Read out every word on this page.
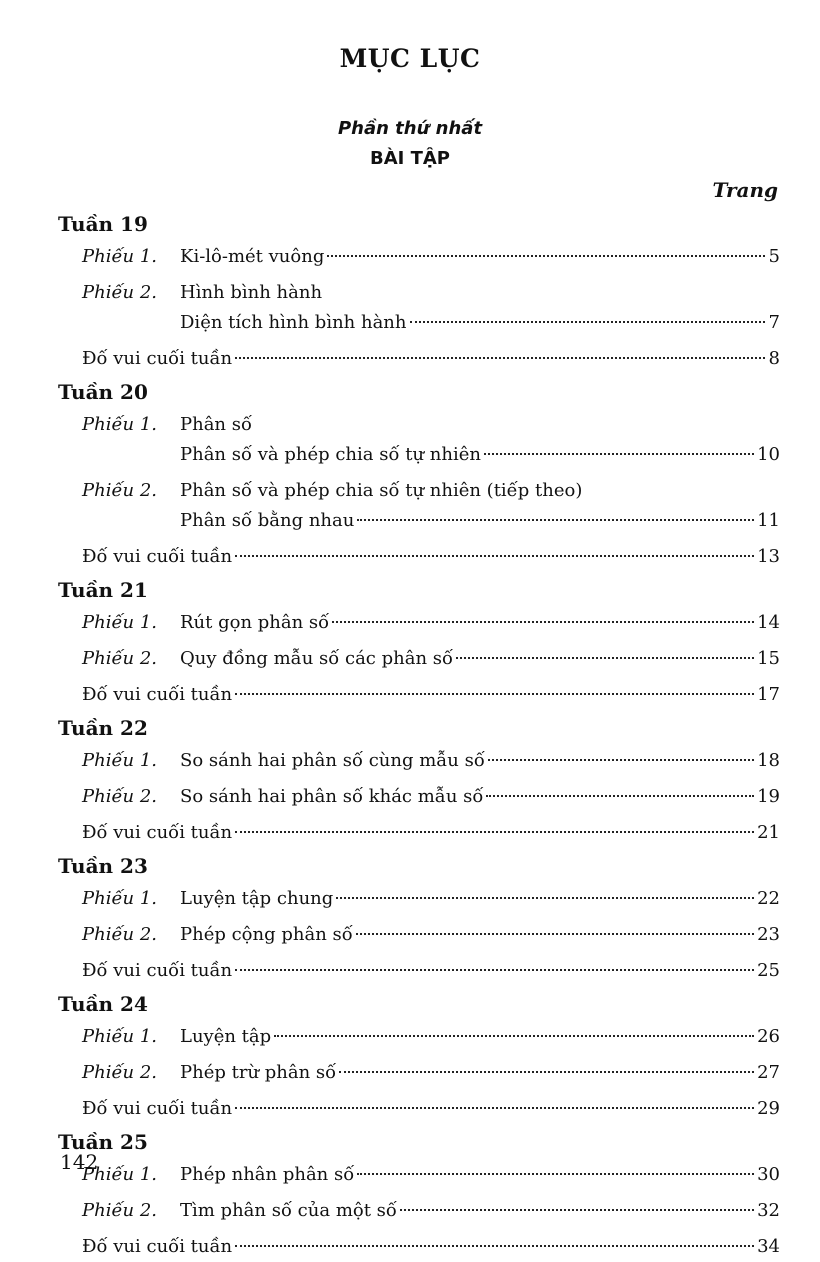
MỤC LỤC
Phần thứ nhất
BÀI TẬP
Trang
Tuần 19
Phiếu 1.	Ki-lô-mét vuông	5
Phiếu 2.	Hình bình hành
Diện tích hình bình hành	7
Đố vui cuối tuần	8
Tuần 20
Phiếu 1.	Phân số
Phân số và phép chia số tự nhiên	10
Phiếu 2.	Phân số và phép chia số tự nhiên (tiếp theo)
Phân số bằng nhau	11
Đố vui cuối tuần	13
Tuần 21
Phiếu 1.	Rút gọn phân số	14
Phiếu 2.	Quy đồng mẫu số các phân số	15
Đố vui cuối tuần	17
Tuần 22
Phiếu 1.	So sánh hai phân số cùng mẫu số	18
Phiếu 2.	So sánh hai phân số khác mẫu số	19
Đố vui cuối tuần	21
Tuần 23
Phiếu 1.	Luyện tập chung	22
Phiếu 2.	Phép cộng phân số	23
Đố vui cuối tuần	25
Tuần 24
Phiếu 1.	Luyện tập	26
Phiếu 2.	Phép trừ phân số	27
Đố vui cuối tuần	29
Tuần 25
Phiếu 1.	Phép nhân phân số	30
Phiếu 2.	Tìm phân số của một số	32
Đố vui cuối tuần	34
142
